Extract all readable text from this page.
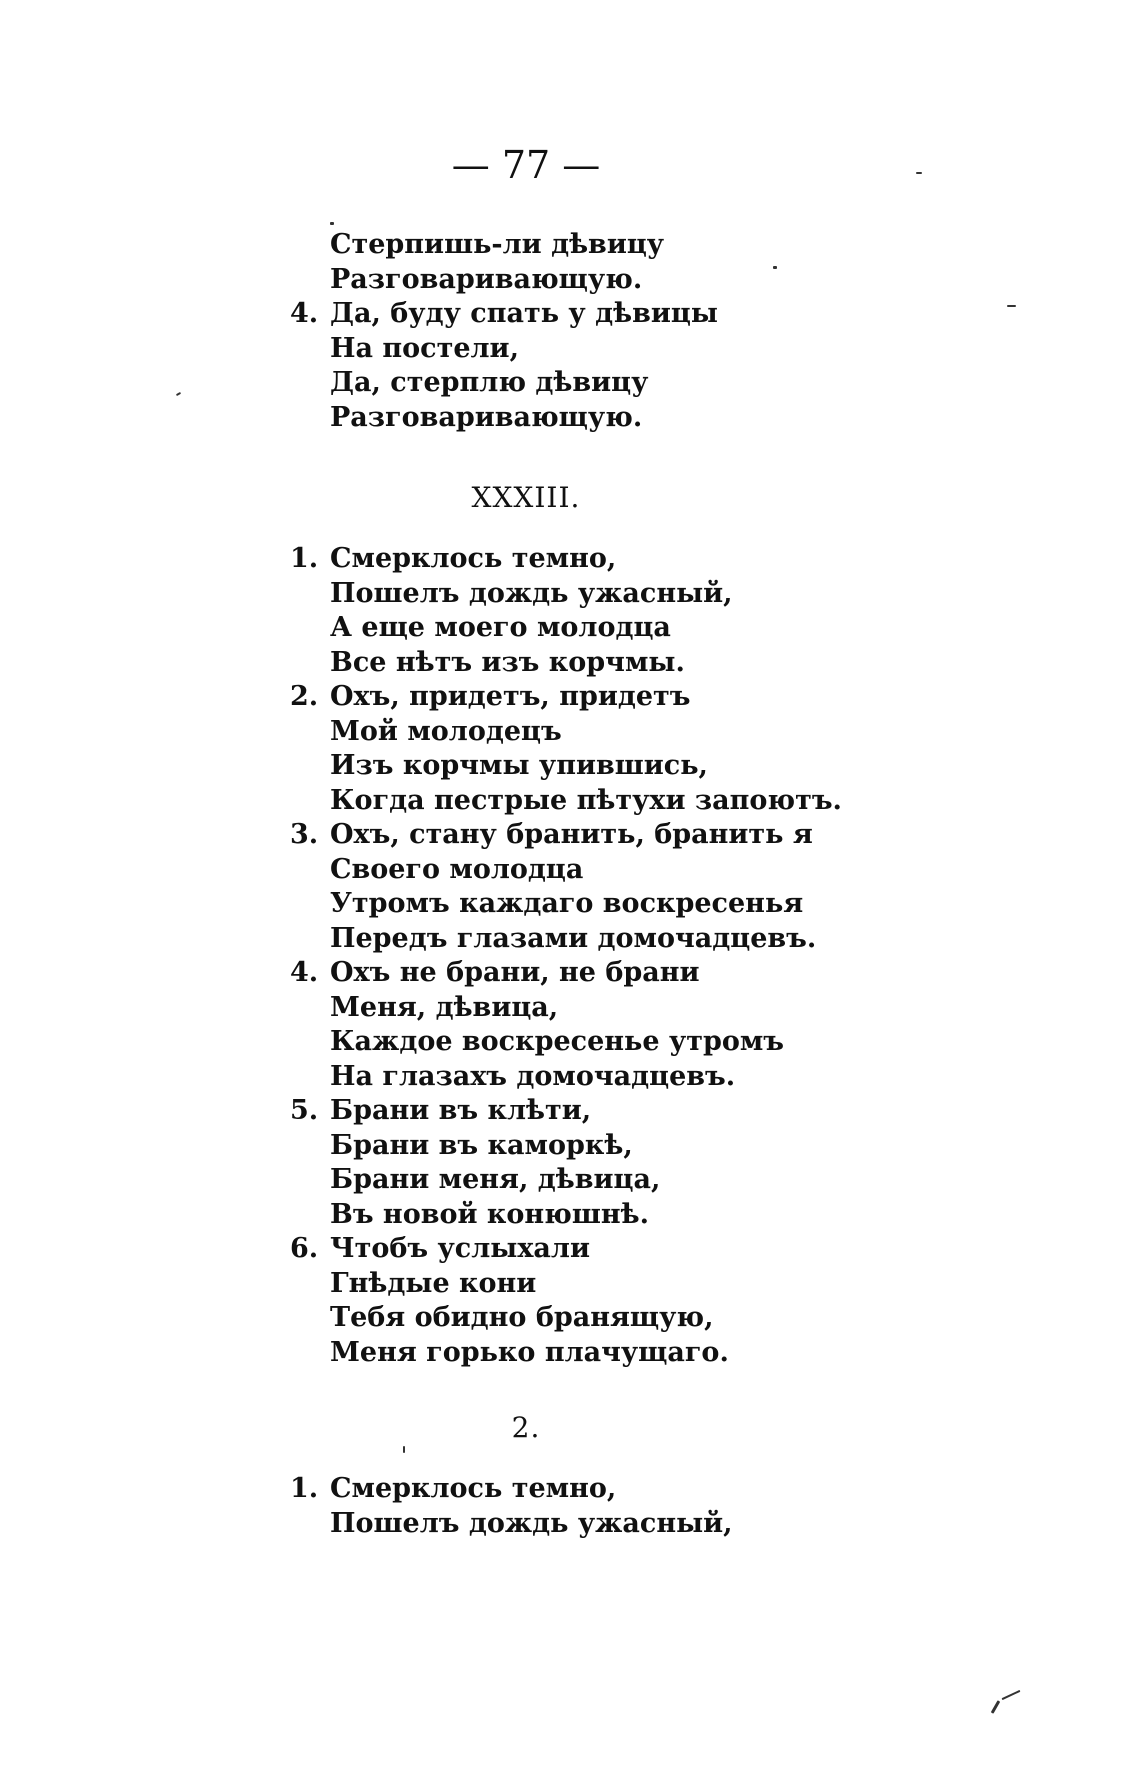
— 77 —
Стерпишь-ли дѣвицу
Разговаривающую.
4. Да, буду спать у дѣвицы
На постели,
Да, стерплю дѣвицу
Разговаривающую.
XXXIII.
1. Смерклось темно,
Пошелъ дождь ужасный,
А еще моего молодца
Все нѣтъ изъ корчмы.
2. Охъ, придетъ, придетъ
Мой молодецъ
Изъ корчмы упившись,
Когда пестрые пѣтухи запоютъ.
3. Охъ, стану бранить, бранить я
Своего молодца
Утромъ каждаго воскресенья
Передъ глазами домочадцевъ.
4. Охъ не брани, не брани
Меня, дѣвица,
Каждое воскресенье утромъ
На глазахъ домочадцевъ.
5. Брани въ клѣти,
Брани въ каморкѣ,
Брани меня, дѣвица,
Въ новой конюшнѣ.
6. Чтобъ услыхали
Гнѣдые кони
Тебя обидно бранящую,
Меня горько плачущаго.
2.
1. Смерклось темно,
Пошелъ дождь ужасный,
